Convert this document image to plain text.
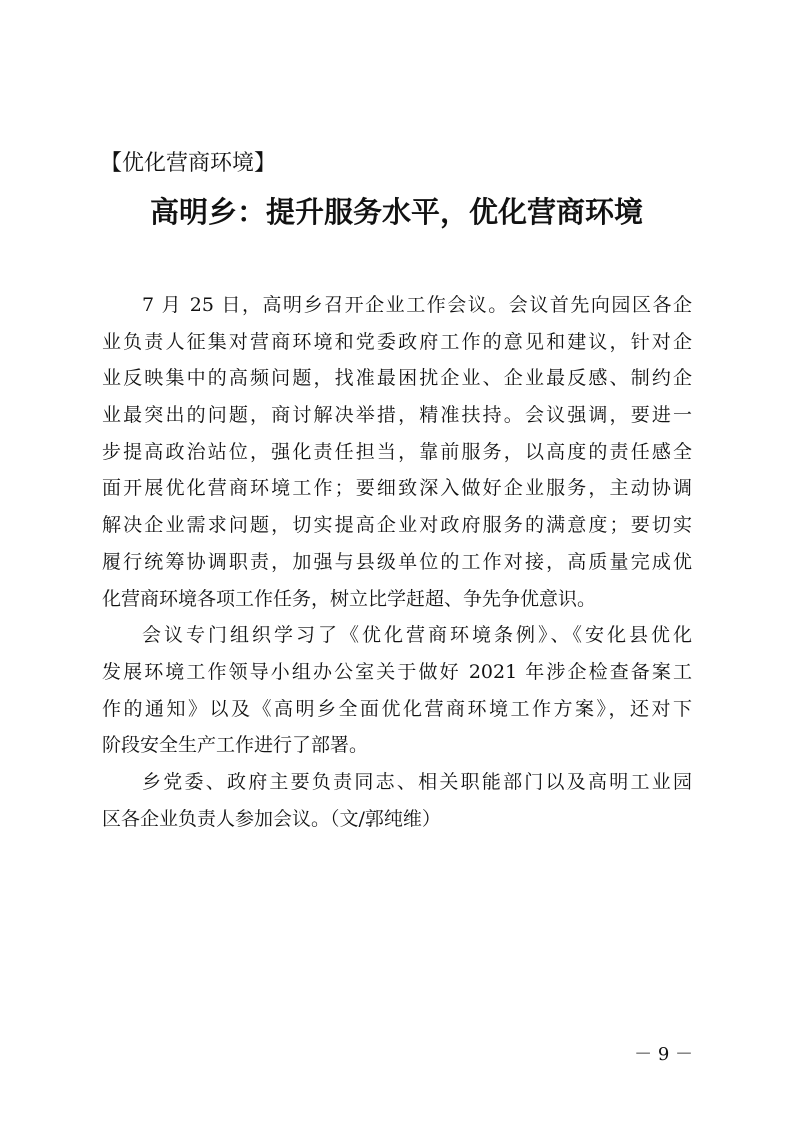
【优化营商环境】
高明乡：提升服务水平，优化营商环境
7 月 25 日，高明乡召开企业工作会议。会议首先向园区各企
业负责人征集对营商环境和党委政府工作的意见和建议，针对企
业反映集中的高频问题，找准最困扰企业、企业最反感、制约企
业最突出的问题，商讨解决举措，精准扶持。会议强调，要进一
步提高政治站位，强化责任担当，靠前服务，以高度的责任感全
面开展优化营商环境工作；要细致深入做好企业服务，主动协调
解决企业需求问题，切实提高企业对政府服务的满意度；要切实
履行统筹协调职责，加强与县级单位的工作对接，高质量完成优
化营商环境各项工作任务，树立比学赶超、争先争优意识。
会议专门组织学习了《优化营商环境条例》、《安化县优化
发展环境工作领导小组办公室关于做好 2021 年涉企检查备案工
作的通知》以及《高明乡全面优化营商环境工作方案》，还对下
阶段安全生产工作进行了部署。
乡党委、政府主要负责同志、相关职能部门以及高明工业园
区各企业负责人参加会议。（文/郭纯维）
－ 9 －
